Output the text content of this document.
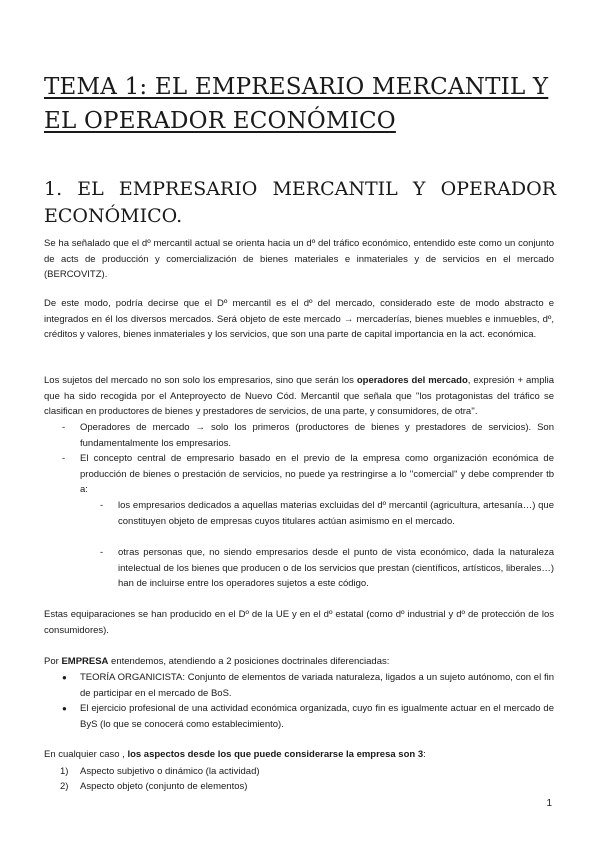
TEMA 1: EL EMPRESARIO MERCANTIL Y EL OPERADOR ECONÓMICO
1. EL EMPRESARIO MERCANTIL Y OPERADOR ECONÓMICO.
Se ha señalado que el dº mercantil actual se orienta hacia un dº del tráfico económico, entendido este como un conjunto de acts de producción y comercialización de bienes materiales e inmateriales y de servicios en el mercado (BERCOVITZ).
De este modo, podría decirse que el Dº mercantil es el dº del mercado, considerado este de modo abstracto e integrados en él los diversos mercados. Será objeto de este mercado → mercaderías, bienes muebles e inmuebles, dº, créditos y valores, bienes inmateriales y los servicios, que son una parte de capital importancia en la act. económica.
Los sujetos del mercado no son solo los empresarios, sino que serán los operadores del mercado, expresión + amplia que ha sido recogida por el Anteproyecto de Nuevo Cód. Mercantil que señala que ''los protagonistas del tráfico se clasifican en productores de bienes y prestadores de servicios, de una parte, y consumidores, de otra''.
- Operadores de mercado → solo los primeros (productores de bienes y prestadores de servicios). Son fundamentalmente los empresarios.
- El concepto central de empresario basado en el previo de la empresa como organización económica de producción de bienes o prestación de servicios, no puede ya restringirse a lo ''comercial'' y debe comprender tb a:
- los empresarios dedicados a aquellas materias excluidas del dº mercantil (agricultura, artesanía…) que constituyen objeto de empresas cuyos titulares actúan asimismo en el mercado.
- otras personas que, no siendo empresarios desde el punto de vista económico, dada la naturaleza intelectual de los bienes que producen o de los servicios que prestan (científicos, artísticos, liberales…) han de incluirse entre los operadores sujetos a este código.
Estas equiparaciones se han producido en el Dº de la UE y en el dº estatal (como dº industrial y dº de protección de los consumidores).
Por EMPRESA entendemos, atendiendo a 2 posiciones doctrinales diferenciadas:
● TEORÍA ORGANICISTA: Conjunto de elementos de variada naturaleza, ligados a un sujeto autónomo, con el fin de participar en el mercado de BoS.
● El ejercicio profesional de una actividad económica organizada, cuyo fin es igualmente actuar en el mercado de ByS (lo que se conocerá como establecimiento).
En cualquier caso , los aspectos desde los que puede considerarse la empresa son 3:
1) Aspecto subjetivo o dinámico (la actividad)
2) Aspecto objeto (conjunto de elementos)
1
